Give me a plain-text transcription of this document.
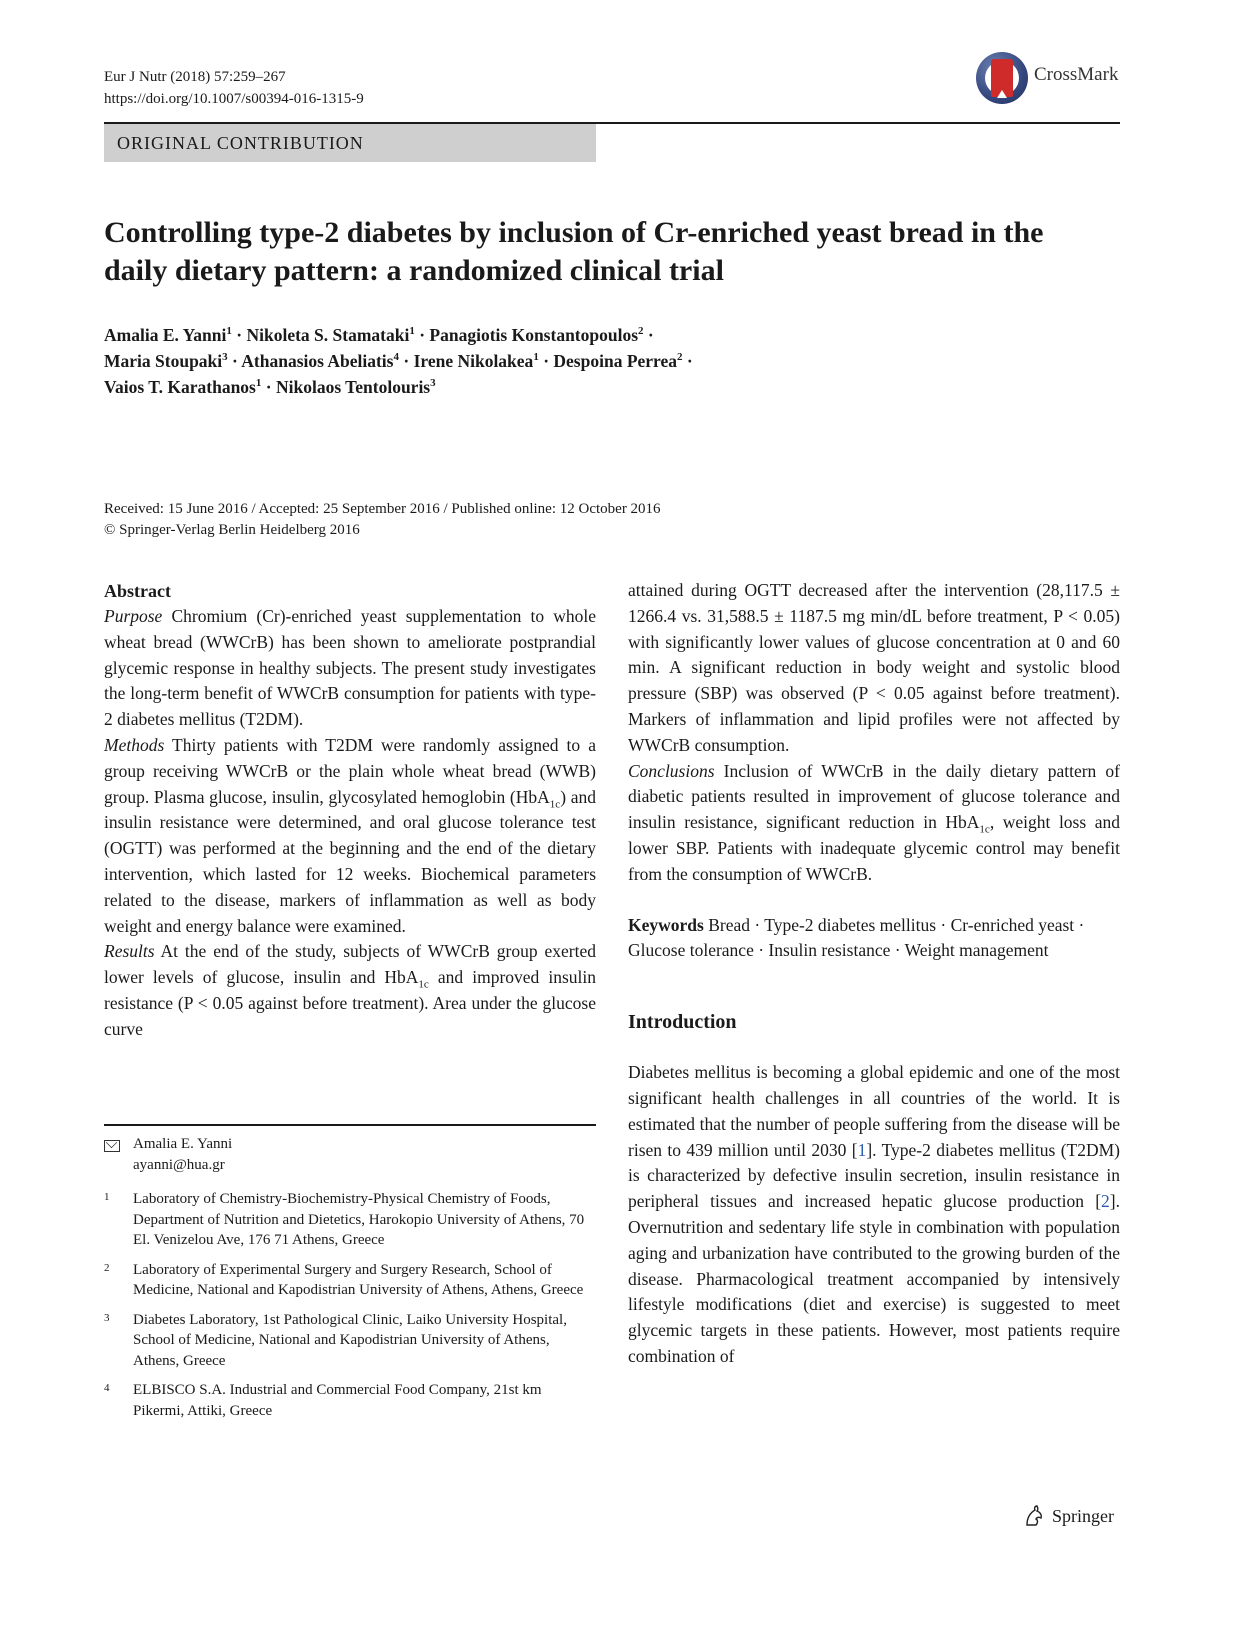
Eur J Nutr (2018) 57:259–267
https://doi.org/10.1007/s00394-016-1315-9
CrossMark
ORIGINAL CONTRIBUTION
Controlling type-2 diabetes by inclusion of Cr-enriched yeast bread in the daily dietary pattern: a randomized clinical trial

Amalia E. Yanni$^1$ · Nikoleta S. Stamataki$^1$ · Panagiotis Konstantopoulos$^2$ ·
Maria Stoupaki$^3$ · Athanasios Abeliatis$^4$ · Irene Nikolakea$^1$ · Despoina Perrea$^2$ ·
Vaios T. Karathanos$^1$ · Nikolaos Tentolouris$^3$

Received: 15 June 2016 / Accepted: 25 September 2016 / Published online: 12 October 2016
© Springer-Verlag Berlin Heidelberg 2016
Abstract

Purpose Chromium (Cr)-enriched yeast supplementation to whole wheat bread (WWCrB) has been shown to ameliorate postprandial glycemic response in healthy subjects. The present study investigates the long-term benefit of WWCrB consumption for patients with type-2 diabetes mellitus (T2DM).

Methods Thirty patients with T2DM were randomly assigned to a group receiving WWCrB or the plain whole wheat bread (WWB) group. Plasma glucose, insulin, glycosylated hemoglobin (HbA$_{1c}$) and insulin resistance were determined, and oral glucose tolerance test (OGTT) was performed at the beginning and the end of the dietary intervention, which lasted for 12 weeks. Biochemical parameters related to the disease, markers of inflammation as well as body weight and energy balance were examined.

Results At the end of the study, subjects of WWCrB group exerted lower levels of glucose, insulin and HbA$_{1c}$ and improved insulin resistance (P < 0.05 against before treatment). Area under the glucose curve

Amalia E. Yanni
ayanni@hua.gr
1	Laboratory of Chemistry-Biochemistry-Physical Chemistry of Foods, Department of Nutrition and Dietetics, Harokopio University of Athens, 70 El. Venizelou Ave, 176 71 Athens, Greece
2	Laboratory of Experimental Surgery and Surgery Research, School of Medicine, National and Kapodistrian University of Athens, Athens, Greece
3	Diabetes Laboratory, 1st Pathological Clinic, Laiko University Hospital, School of Medicine, National and Kapodistrian University of Athens, Athens, Greece
4	ELBISCO S.A. Industrial and Commercial Food Company, 21st km Pikermi, Attiki, Greece

attained during OGTT decreased after the intervention (28,117.5 ± 1266.4 vs. 31,588.5 ± 1187.5 mg min/dL before treatment, P < 0.05) with significantly lower values of glucose concentration at 0 and 60 min. A significant reduction in body weight and systolic blood pressure (SBP) was observed (P < 0.05 against before treatment). Markers of inflammation and lipid profiles were not affected by WWCrB consumption.

Conclusions Inclusion of WWCrB in the daily dietary pattern of diabetic patients resulted in improvement of glucose tolerance and insulin resistance, significant reduction in HbA$_{1c}$, weight loss and lower SBP. Patients with inadequate glycemic control may benefit from the consumption of WWCrB.

Keywords Bread · Type-2 diabetes mellitus · Cr-enriched yeast · Glucose tolerance · Insulin resistance · Weight management

Introduction

Diabetes mellitus is becoming a global epidemic and one of the most significant health challenges in all countries of the world. It is estimated that the number of people suffering from the disease will be risen to 439 million until 2030 [1]. Type-2 diabetes mellitus (T2DM) is characterized by defective insulin secretion, insulin resistance in peripheral tissues and increased hepatic glucose production [2]. Overnutrition and sedentary life style in combination with population aging and urbanization have contributed to the growing burden of the disease. Pharmacological treatment accompanied by intensively lifestyle modifications (diet and exercise) is suggested to meet glycemic targets in these patients. However, most patients require combination of

Springer
